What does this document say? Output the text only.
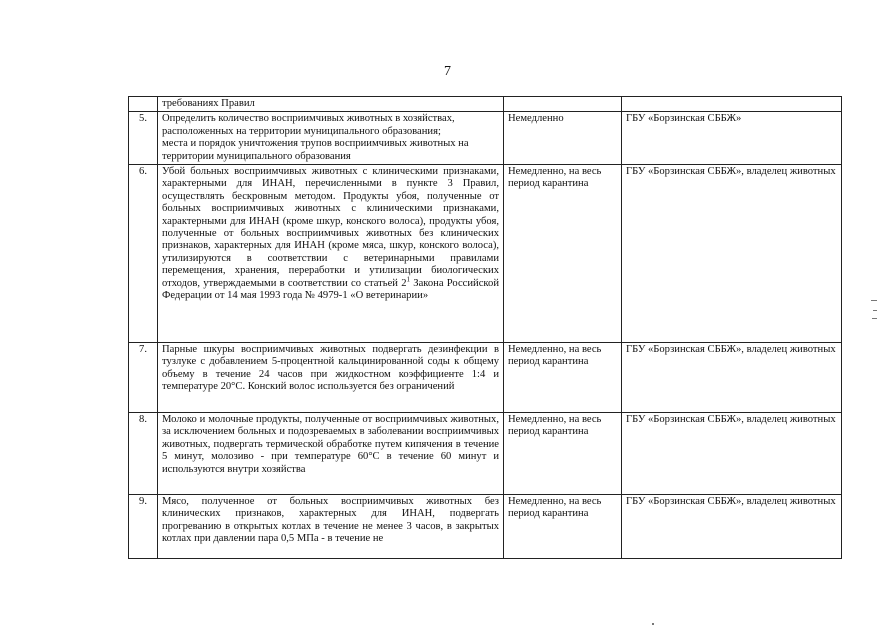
7

	требованиях Правил		

5.	Определить количество восприимчивых животных в хозяйствах,
расположенных на территории муниципального образования;
места и порядок уничтожения трупов восприимчивых животных на
территории муниципального образования	Немедленно	ГБУ «Борзинская СББЖ»
6.	Убой больных восприимчивых животных с клиническими признаками, характерными для ИНАН, перечисленными в пункте 3 Правил, осуществлять бескровным методом. Продукты убоя, полученные от больных восприимчивых животных с клиническими признаками, характерными для ИНАН (кроме шкур, конского волоса), продукты убоя, полученные от больных восприимчивых животных без клинических признаков, характерных для ИНАН (кроме мяса, шкур, конского волоса), утилизируются в соответствии с ветеринарными правилами перемещения, хранения, переработки и утилизации биологических отходов, утверждаемыми в соответствии со статьей $2^1$ Закона Российской Федерации от 14 мая 1993 года № 4979-1 «О ветеринарии»	Немедленно, на весь период карантина	ГБУ «Борзинская СББЖ», владелец животных
7.	Парные шкуры восприимчивых животных подвергать дезинфекции в тузлуке с добавлением 5-процентной кальцинированной соды к общему объему в течение 24 часов при жидкостном коэффициенте 1:4 и температуре 20°С. Конский волос используется без ограничений	Немедленно, на весь период карантина	ГБУ «Борзинская СББЖ», владелец животных
8.	Молоко и молочные продукты, полученные от восприимчивых животных, за исключением больных и подозреваемых в заболевании восприимчивых животных, подвергать термической обработке путем кипячения в течение 5 минут, молозиво - при температуре 60°С в течение 60 минут и используются внутри хозяйства	Немедленно, на весь период карантина	ГБУ «Борзинская СББЖ», владелец животных
9.	Мясо, полученное от больных восприимчивых животных без клинических признаков, характерных для ИНАН, подвергать прогреванию в открытых котлах в течение не менее 3 часов, в закрытых котлах при давлении пара 0,5 МПа - в течение не	Немедленно, на весь период карантина	ГБУ «Борзинская СББЖ», владелец животных
